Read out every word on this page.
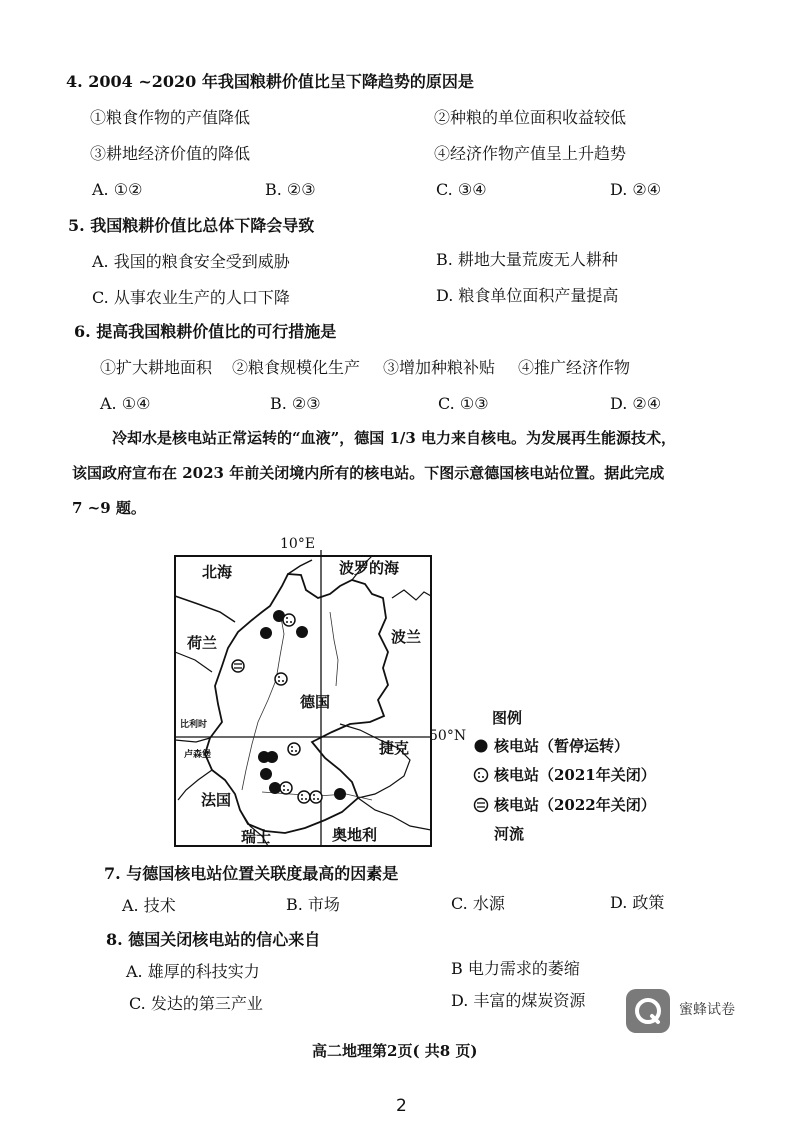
4. 2004 ~2020 年我国粮耕价值比呈下降趋势的原因是
①粮食作物的产值降低	②种粮的单位面积收益较低
③耕地经济价值的降低	④经济作物产值呈上升趋势
A. ①②	B. ②③	C. ③④	D. ②④
5. 我国粮耕价值比总体下降会导致
A. 我国的粮食安全受到威胁	B. 耕地大量荒废无人耕种
C. 从事农业生产的人口下降	D. 粮食单位面积产量提高
6. 提高我国粮耕价值比的可行措施是
①扩大耕地面积 ②粮食规模化生产 ③增加种粮补贴 ④推广经济作物
A. ①④	B. ②③	C. ①③	D. ②④
冷却水是核电站正常运转的“血液”，德国 1/3 电力来自核电。为发展再生能源技术，
该国政府宣布在 2023 年前关闭境内所有的核电站。下图示意德国核电站位置。据此完成
7 ~9 题。
10°E
北海	波罗的海
荷兰	波兰
德国
比利时
卢森堡	捷克
法国
瑞士	奥地利
50°N
图例
核电站（暂停运转）
核电站（2021年关闭）
核电站（2022年关闭）
河流
7. 与德国核电站位置关联度最高的因素是
A. 技术	B. 市场	C. 水源	D. 政策
8. 德国关闭核电站的信心来自
A. 雄厚的科技实力	B 电力需求的萎缩
C. 发达的第三产业	D. 丰富的煤炭资源	蜜蜂试卷
高二地理第2页( 共8 页)
2
